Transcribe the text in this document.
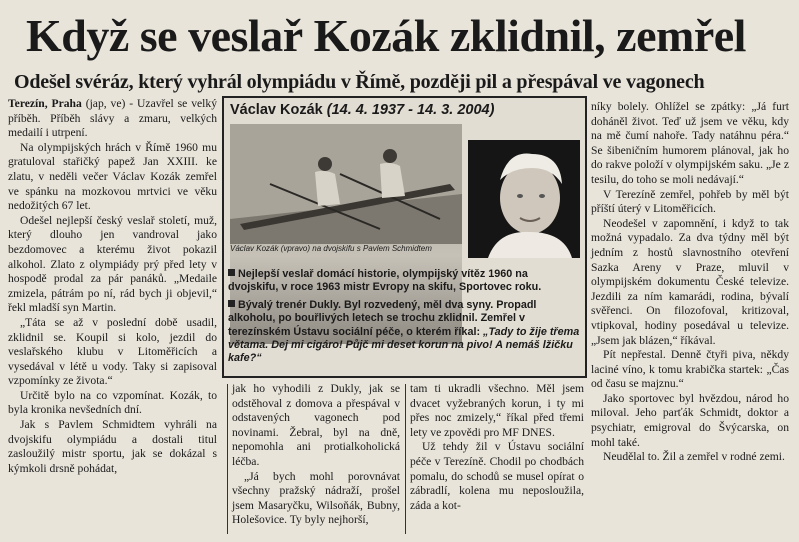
Když se veslař Kozák zklidnil, zemřel
Odešel svéráz, který vyhrál olympiádu v Římě, později pil a přespával ve vagonech

Terezín, Praha (jap, ve) - Uzavřel se velký příběh. Příběh slávy a zmaru, velkých medailí i utrpení.

Na olympijských hrách v Římě 1960 mu gratuloval stařičký papež Jan XXIII. ke zlatu, v neděli večer Václav Kozák zemřel ve spánku na mozkovou mrtvici ve věku nedožitých 67 let.

Odešel nejlepší český veslař století, muž, který dlouho jen vandroval jako bezdomovec a kterému život pokazil alkohol. Zlato z olympiády prý před lety v hospodě prodal za pár panáků. „Medaile zmizela, pátrám po ní, rád bych ji objevil,“ řekl mladší syn Martin.

„Táta se až v poslední době usadil, zklidnil se. Koupil si kolo, jezdil do veslařského klubu v Litoměřicích a vysedával v létě u vody. Taky si zapisoval vzpomínky ze života.“

Určitě bylo na co vzpomínat. Kozák, to byla kronika nevšedních dní.

Jak s Pavlem Schmidtem vyhráli na dvojskifu olympiádu a dostali titul zasloužilý mistr sportu, jak se dokázal s kýmkoli drsně pohádat,

Václav Kozák (14. 4. 1937 - 14. 3. 2004)
Václav Kozák (vpravo) na dvojskifu s Pavlem Schmidtem

Nejlepší veslař domácí historie, olympijský vítěz 1960 na dvojskifu, v roce 1963 mistr Evropy na skifu, Sportovec roku.

Bývalý trenér Dukly. Byl rozvedený, měl dva syny. Propadl alkoholu, po bouřlivých letech se trochu zklidnil. Zemřel v terezínském Ústavu sociální péče, o kterém říkal: „Tady to žije třema větama. Dej mi cigáro! Půjč mi deset korun na pivo! A nemáš lžičku kafe?“

jak ho vyhodili z Dukly, jak se odstěhoval z domova a přespával v odstavených vagonech pod novinami. Žebral, byl na dně, nepomohla ani protialkoholická léčba.

„Já bych mohl porovnávat všechny pražský nádraží, prošel jsem Masaryčku, Wilsoňák, Bubny, Holešovice. Ty byly nejhorší,

tam ti ukradli všechno. Měl jsem dvacet vyžebraných korun, i ty mi přes noc zmizely,“ říkal před třemi lety ve zpovědi pro MF DNES.

Už tehdy žil v Ústavu sociální péče v Terezíně. Chodil po chodbách pomalu, do schodů se musel opírat o zábradlí, kolena mu neposloužila, záda a kot-

níky bolely. Ohlížel se zpátky: „Já furt doháněl život. Teď už jsem ve věku, kdy na mě čumí nahoře. Tady natáhnu péra.“ Se šibeničním humorem plánoval, jak ho do rakve položí v olympijském saku. „Je z tesilu, do toho se moli nedávají.“

V Terezíně zemřel, pohřeb by měl být příští úterý v Litoměřicích.

Neodešel v zapomnění, i když to tak možná vypadalo. Za dva týdny měl být jedním z hostů slavnostního otevření Sazka Areny v Praze, mluvil v olympijském dokumentu České televize. Jezdili za ním kamarádi, rodina, bývalí svěřenci. On filozofoval, kritizoval, vtipkoval, hodiny posedával u televize. „Jsem jak blázen,“ říkával.

Pít nepřestal. Denně čtyři piva, někdy laciné víno, k tomu krabička startek: „Čas od času se majznu.“

Jako sportovec byl hvězdou, národ ho miloval. Jeho parťák Schmidt, doktor a psychiatr, emigroval do Švýcarska, on mohl také.

Neudělal to. Žil a zemřel v rodné zemi.
